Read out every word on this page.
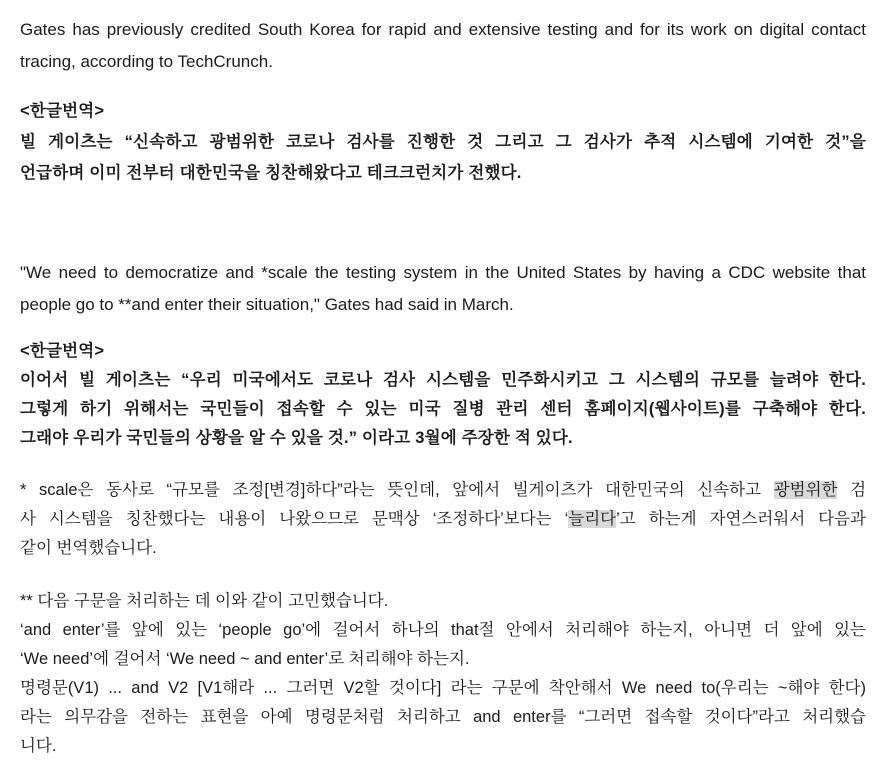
Gates has previously credited South Korea for rapid and extensive testing and for its work on digital contact
tracing, according to TechCrunch.
<한글번역>
빌 게이츠는 “신속하고 광범위한 코로나 검사를 진행한 것 그리고 그 검사가 추적 시스템에 기여한 것”을
언급하며 이미 전부터 대한민국을 칭찬해왔다고 테크크런치가 전했다.
"We need to democratize and *scale the testing system in the United States by having a CDC website that
people go to **and enter their situation," Gates had said in March.
<한글번역>
이어서 빌 게이츠는 “우리 미국에서도 코로나 검사 시스템을 민주화시키고 그 시스템의 규모를 늘려야 한다.
그렇게 하기 위해서는 국민들이 접속할 수 있는 미국 질병 관리 센터 홈페이지(웹사이트)를 구축해야 한다.
그래야 우리가 국민들의 상황을 알 수 있을 것.” 이라고 3월에 주장한 적 있다.
* scale은 동사로 “규모를 조정[변경]하다”라는 뜻인데, 앞에서 빌게이츠가 대한민국의 신속하고 광범위한 검
사 시스템을 칭찬했다는 내용이 나왔으므로 문맥상 ‘조정하다’보다는 ‘늘리다’고 하는게 자연스러워서 다음과
같이 번역했습니다.
** 다음 구문을 처리하는 데 이와 같이 고민했습니다.
‘and enter’를 앞에 있는 ‘people go’에 걸어서 하나의 that절 안에서 처리해야 하는지, 아니면 더 앞에 있는
‘We need’에 걸어서 ‘We need ~ and enter’로 처리해야 하는지.
명령문(V1) ... and V2 [V1해라 ... 그러면 V2할 것이다] 라는 구문에 착안해서 We need to(우리는 ~해야 한다)
라는 의무감을 전하는 표현을 아예 명령문처럼 처리하고 and enter를 “그러면 접속할 것이다”라고 처리했습
니다.
